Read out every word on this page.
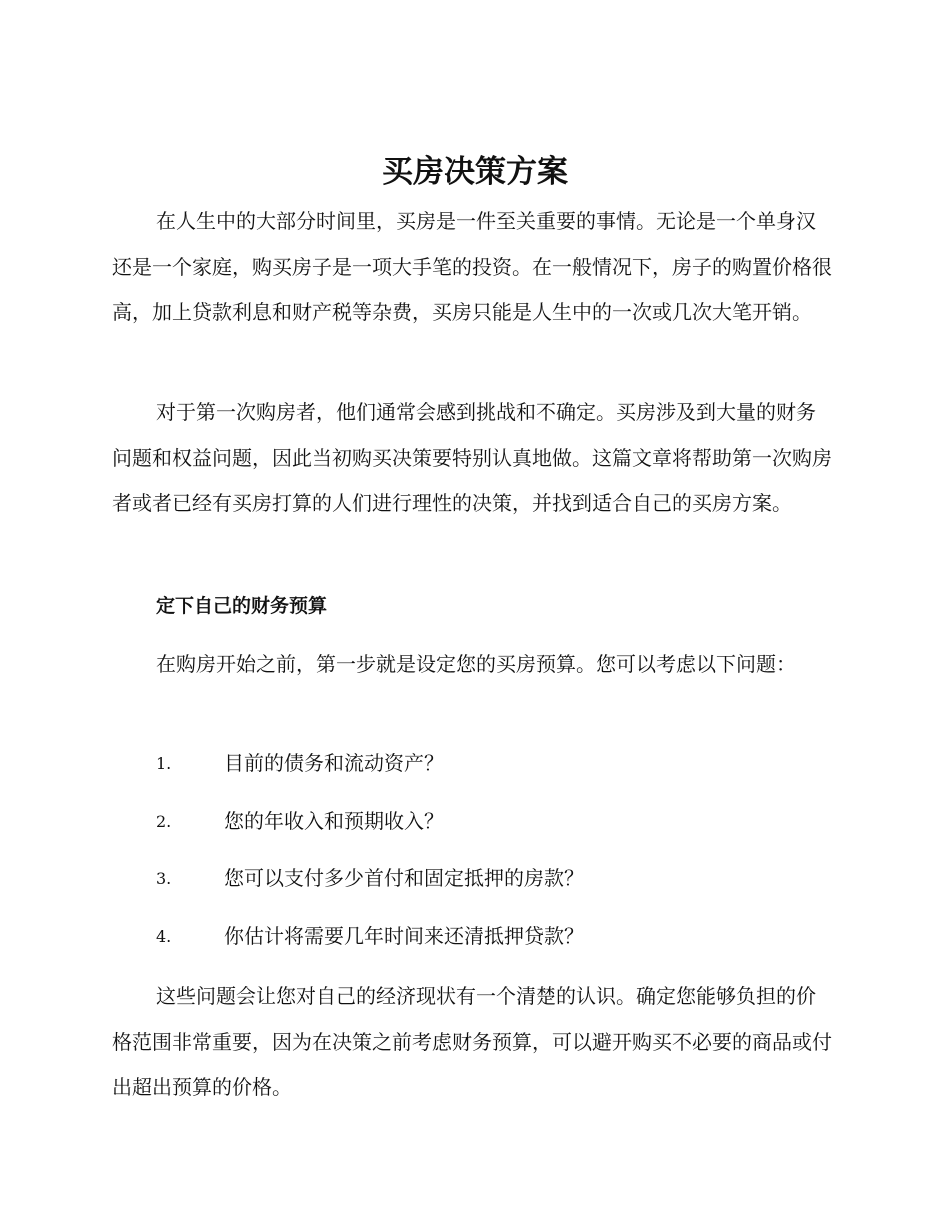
买房决策方案

在人生中的大部分时间里，买房是一件至关重要的事情。无论是一个单身汉还是一个家庭，购买房子是一项大手笔的投资。在一般情况下，房子的购置价格很高，加上贷款利息和财产税等杂费，买房只能是人生中的一次或几次大笔开销。

对于第一次购房者，他们通常会感到挑战和不确定。买房涉及到大量的财务问题和权益问题，因此当初购买决策要特别认真地做。这篇文章将帮助第一次购房者或者已经有买房打算的人们进行理性的决策，并找到适合自己的买房方案。

定下自己的财务预算

在购房开始之前，第一步就是设定您的买房预算。您可以考虑以下问题：

1.	目前的债务和流动资产？
2.	您的年收入和预期收入？
3.	您可以支付多少首付和固定抵押的房款？
4.	你估计将需要几年时间来还清抵押贷款？

这些问题会让您对自己的经济现状有一个清楚的认识。确定您能够负担的价格范围非常重要，因为在决策之前考虑财务预算，可以避开购买不必要的商品或付出超出预算的价格。
